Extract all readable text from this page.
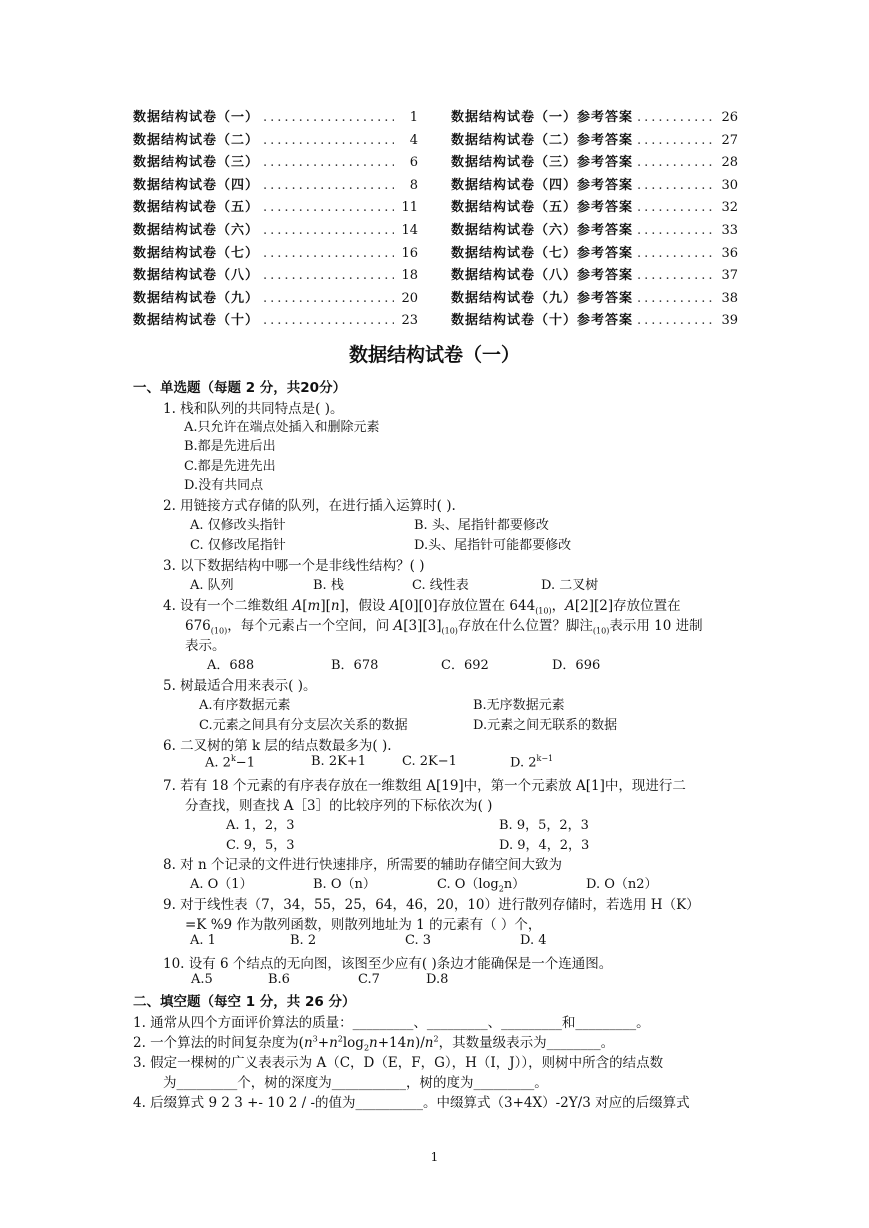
数据结构试卷（一） .....	1	数据结构试卷（一）参考答案 .....	26
数据结构试卷（二） .....	4	数据结构试卷（二）参考答案 .....	27
数据结构试卷（三） .....	6	数据结构试卷（三）参考答案 .....	28
数据结构试卷（四） .....	8	数据结构试卷（四）参考答案 .....	30
数据结构试卷（五） .....	11	数据结构试卷（五）参考答案 .....	32
数据结构试卷（六） .....	14	数据结构试卷（六）参考答案 .....	33
数据结构试卷（七） .....	16	数据结构试卷（七）参考答案 .....	36
数据结构试卷（八） .....	18	数据结构试卷（八）参考答案 .....	37
数据结构试卷（九） .....	20	数据结构试卷（九）参考答案 .....	38
数据结构试卷（十） .....	23	数据结构试卷（十）参考答案 .....	39
数据结构试卷（一）
一、单选题（每题 2 分，共20分）
1. 栈和队列的共同特点是( )。
A.只允许在端点处插入和删除元素
B.都是先进后出
C.都是先进先出
D.没有共同点
2. 用链接方式存储的队列，在进行插入运算时( ).
A. 仅修改头指针	B. 头、尾指针都要修改
C. 仅修改尾指针	D.头、尾指针可能都要修改
3. 以下数据结构中哪一个是非线性结构？( )
A. 队列	B. 栈	C. 线性表	D. 二叉树
4. 设有一个二维数组 A[m][n]，假设 A[0][0]存放位置在 $644_{(10)}$，A[2][2]存放位置在
$676_{(10)}$，每个元素占一个空间，问 $A[3][3]_{(10)}$存放在什么位置？脚注$_{(10)}$表示用 10 进制
表示。
A．688	B．678	C．692	D．696
5. 树最适合用来表示( )。
A.有序数据元素	B.无序数据元素
C.元素之间具有分支层次关系的数据	D.元素之间无联系的数据
6. 二叉树的第 k 层的结点数最多为( ).
A. $2^k-1$	B. 2K+1	C. 2K−1	D. $2^{k-1}$
7. 若有 18 个元素的有序表存放在一维数组 A[19]中，第一个元素放 A[1]中，现进行二
分查找，则查找 A［3］的比较序列的下标依次为( )
A. 1，2，3	B. 9，5，2，3
C. 9，5，3	D. 9，4，2，3
8. 对 n 个记录的文件进行快速排序，所需要的辅助存储空间大致为
A. O（1）	B. O（n）	C. $O(\log_2n)$	D. O（n2）
9. 对于线性表（7，34，55，25，64，46，20，10）进行散列存储时，若选用 H（K）
=K %9 作为散列函数，则散列地址为 1 的元素有（ ）个，
A. 1	B. 2	C. 3	D. 4
10. 设有 6 个结点的无向图，该图至少应有( )条边才能确保是一个连通图。
A.5	B.6	C.7	D.8
二、填空题（每空 1 分，共 26 分）
1. 通常从四个方面评价算法的质量：_________、_________、_________和_________。
2. 一个算法的时间复杂度为$(n^3+n^2\log_2n+14n)/n^2$，其数量级表示为________。
3. 假定一棵树的广义表表示为 A（C，D（E，F，G），H（I，J）），则树中所含的结点数
为_________个，树的深度为___________，树的度为_________。
4. 后缀算式 9 2 3 +- 10 2 / -的值为__________。中缀算式（3+4X）-2Y/3 对应的后缀算式
1
